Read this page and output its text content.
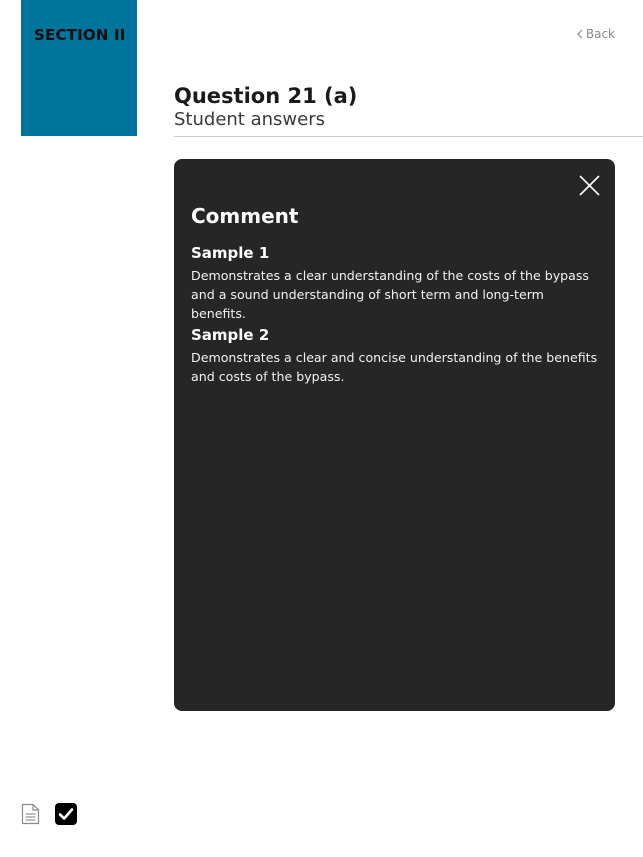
SECTION II	Back
Question 21 (a)
Student answers
Comment
Sample 1
Demonstrates a clear understanding of the costs of the bypass and a sound understanding of short term and long-term benefits.
Sample 2
Demonstrates a clear and concise understanding of the benefits and costs of the bypass.
